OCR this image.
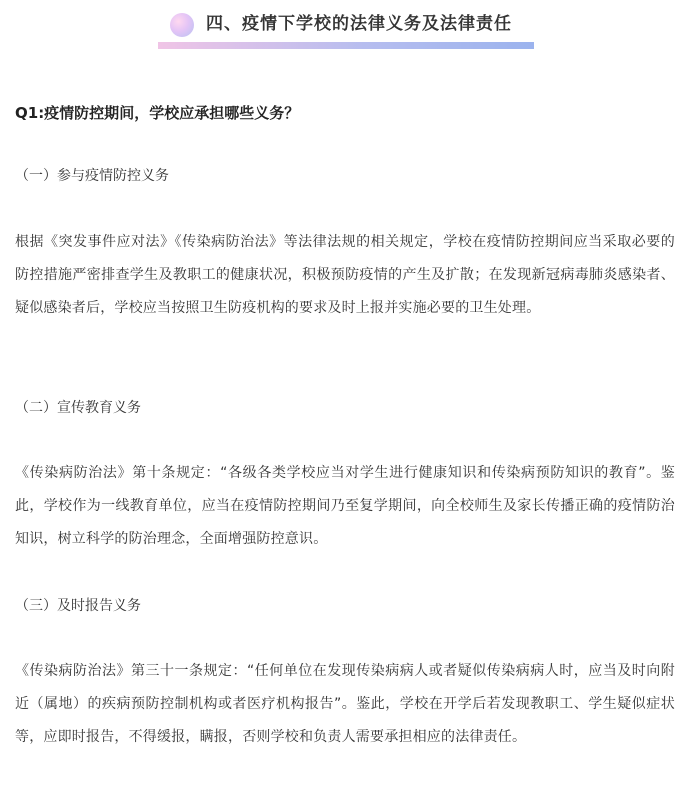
四、疫情下学校的法律义务及法律责任
Q1:疫情防控期间，学校应承担哪些义务？
（一）参与疫情防控义务
根据《突发事件应对法》《传染病防治法》等法律法规的相关规定，学校在疫情防控期间应当采取必要的防控措施严密排查学生及教职工的健康状况，积极预防疫情的产生及扩散；在发现新冠病毒肺炎感染者、疑似感染者后，学校应当按照卫生防疫机构的要求及时上报并实施必要的卫生处理。
（二）宣传教育义务
《传染病防治法》第十条规定：“各级各类学校应当对学生进行健康知识和传染病预防知识的教育”。鉴此，学校作为一线教育单位，应当在疫情防控期间乃至复学期间，向全校师生及家长传播正确的疫情防治知识，树立科学的防治理念，全面增强防控意识。
（三）及时报告义务
《传染病防治法》第三十一条规定：“任何单位在发现传染病病人或者疑似传染病病人时，应当及时向附近（属地）的疾病预防控制机构或者医疗机构报告”。鉴此，学校在开学后若发现教职工、学生疑似症状等，应即时报告，不得缓报，瞒报，否则学校和负责人需要承担相应的法律责任。
